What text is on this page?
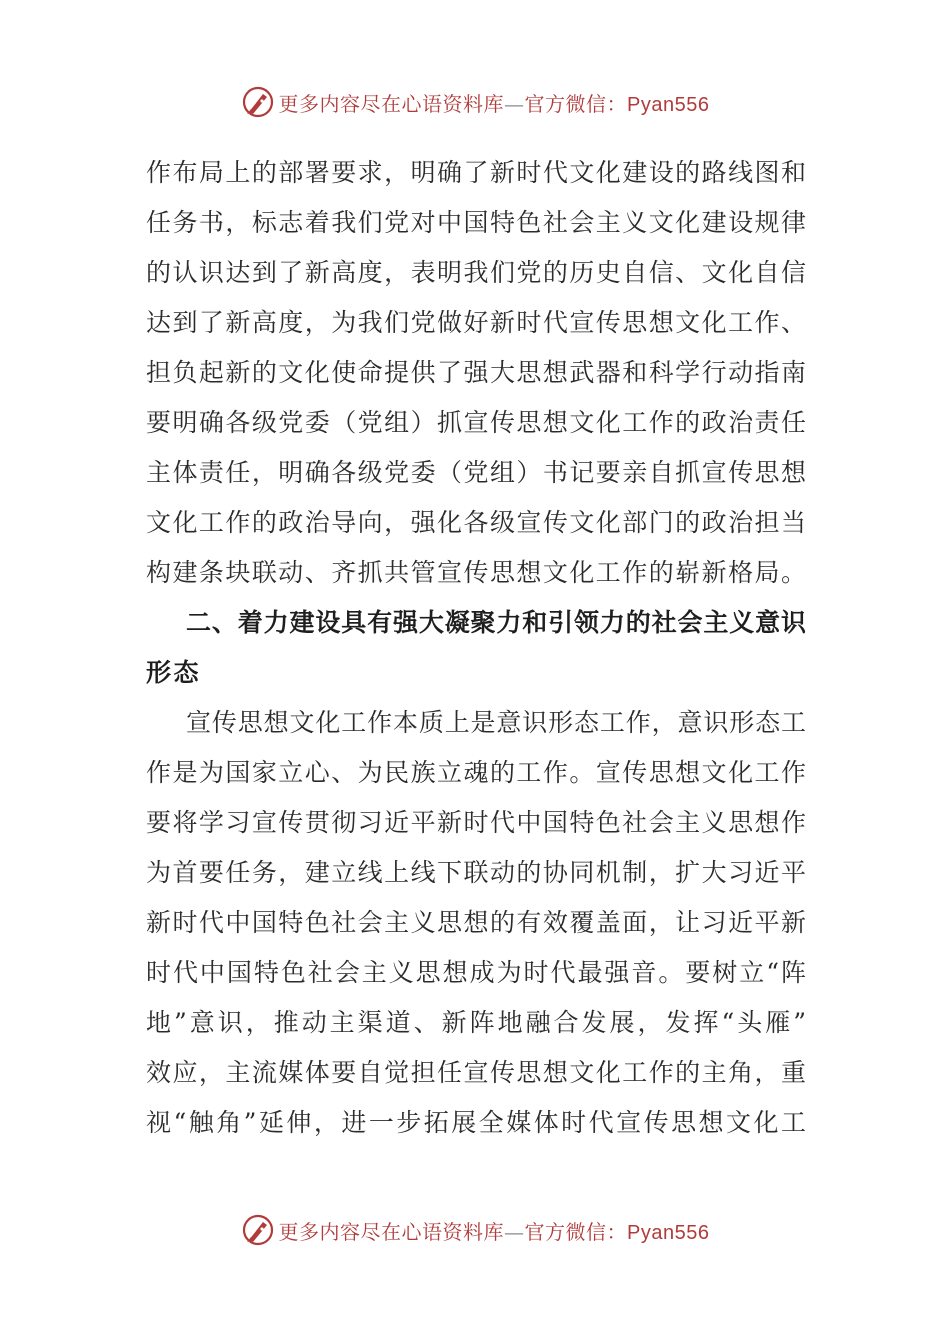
更多内容尽在心语资料库—官方微信：Pyan556
作布局上的部署要求，明确了新时代文化建设的路线图和
任务书，标志着我们党对中国特色社会主义文化建设规律
的认识达到了新高度，表明我们党的历史自信、文化自信
达到了新高度，为我们党做好新时代宣传思想文化工作、
担负起新的文化使命提供了强大思想武器和科学行动指南
要明确各级党委（党组）抓宣传思想文化工作的政治责任
主体责任，明确各级党委（党组）书记要亲自抓宣传思想
文化工作的政治导向，强化各级宣传文化部门的政治担当
构建条块联动、齐抓共管宣传思想文化工作的崭新格局。
二、着力建设具有强大凝聚力和引领力的社会主义意识
形态
宣传思想文化工作本质上是意识形态工作，意识形态工
作是为国家立心、为民族立魂的工作。宣传思想文化工作
要将学习宣传贯彻习近平新时代中国特色社会主义思想作
为首要任务，建立线上线下联动的协同机制，扩大习近平
新时代中国特色社会主义思想的有效覆盖面，让习近平新
时代中国特色社会主义思想成为时代最强音。要树立“阵
地”意识，推动主渠道、新阵地融合发展，发挥“头雁”
效应，主流媒体要自觉担任宣传思想文化工作的主角，重
视“触角”延伸，进一步拓展全媒体时代宣传思想文化工
更多内容尽在心语资料库—官方微信：Pyan556
